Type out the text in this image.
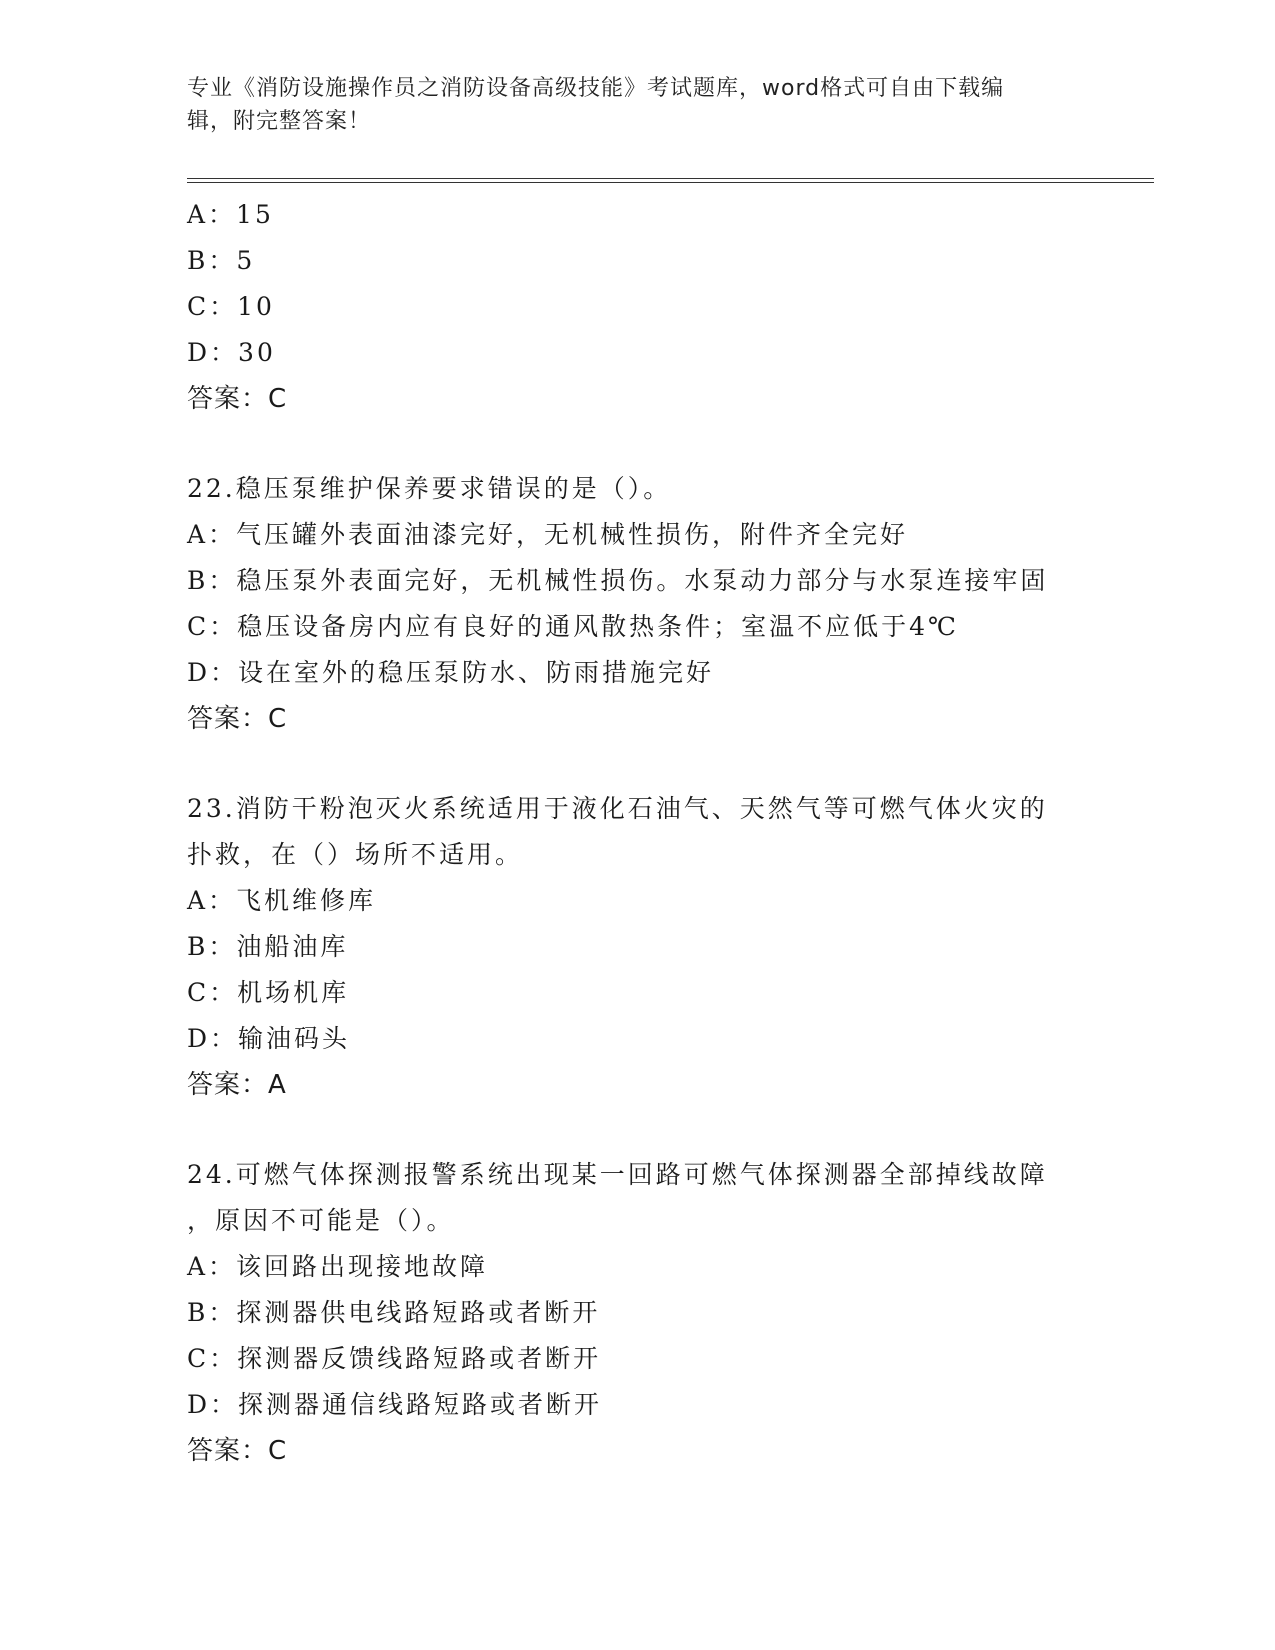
专业《消防设施操作员之消防设备高级技能》考试题库，word格式可自由下载编
辑，附完整答案！
A：15
B：5
C：10
D：30
答案：C
22.稳压泵维护保养要求错误的是（）。
A：气压罐外表面油漆完好，无机械性损伤，附件齐全完好
B：稳压泵外表面完好，无机械性损伤。水泵动力部分与水泵连接牢固
C：稳压设备房内应有良好的通风散热条件；室温不应低于4℃
D：设在室外的稳压泵防水、防雨措施完好
答案：C
23.消防干粉泡灭火系统适用于液化石油气、天然气等可燃气体火灾的
扑救，在（）场所不适用。
A：飞机维修库
B：油船油库
C：机场机库
D：输油码头
答案：A
24.可燃气体探测报警系统出现某一回路可燃气体探测器全部掉线故障
，原因不可能是（）。
A：该回路出现接地故障
B：探测器供电线路短路或者断开
C：探测器反馈线路短路或者断开
D：探测器通信线路短路或者断开
答案：C
